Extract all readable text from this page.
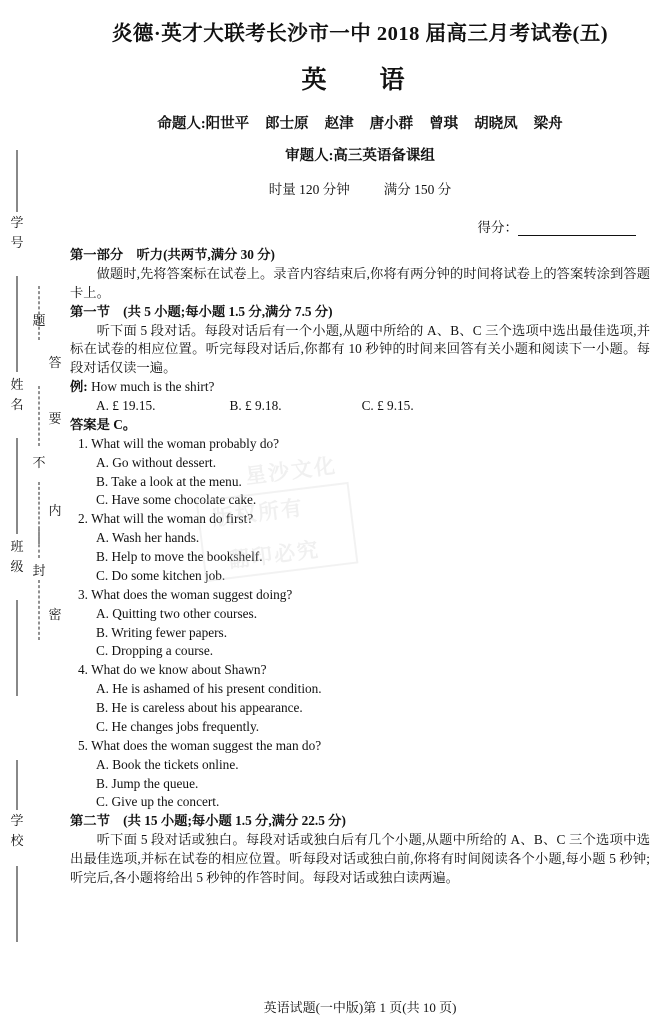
学　号
姓　名
班　级
学　校
题
不
封
答
要
内
密
炎德·英才大联考长沙市一中 2018 届高三月考试卷(五)
英　语
命题人:阳世平 郎士原 赵津 唐小群 曾琪 胡晓凤 梁舟
审题人:高三英语备课组
时量 120 分钟	满分 150 分
得分：

第一部分　听力(共两节,满分 30 分)

做题时,先将答案标在试卷上。录音内容结束后,你将有两分钟的时间将试卷上的答案转涂到答题卡上。

第一节　(共 5 小题;每小题 1.5 分,满分 7.5 分)

听下面 5 段对话。每段对话后有一个小题,从题中所给的 A、B、C 三个选项中选出最佳选项,并标在试卷的相应位置。听完每段对话后,你都有 10 秒钟的时间来回答有关小题和阅读下一小题。每段对话仅读一遍。

例: How much is the shirt?

A. £ 19.15.	B. £ 9.18.	C. £ 9.15.

答案是 C。

1. What will the woman probably do?

A. Go without dessert.

B. Take a look at the menu.

C. Have some chocolate cake.

2. What will the woman do first?

A. Wash her hands.

B. Help to move the bookshelf.

C. Do some kitchen job.

3. What does the woman suggest doing?

A. Quitting two other courses.

B. Writing fewer papers.

C. Dropping a course.

4. What do we know about Shawn?

A. He is ashamed of his present condition.

B. He is careless about his appearance.

C. He changes jobs frequently.

5. What does the woman suggest the man do?

A. Book the tickets online.

B. Jump the queue.

C. Give up the concert.

第二节　(共 15 小题;每小题 1.5 分,满分 22.5 分)

听下面 5 段对话或独白。每段对话或独白后有几个小题,从题中所给的 A、B、C 三个选项中选出最佳选项,并标在试卷的相应位置。听每段对话或独白前,你将有时间阅读各个小题,每小题 5 秒钟;听完后,各小题将给出 5 秒钟的作答时间。每段对话或独白读两遍。

星沙文化
版权所有
翻印必究
英语试题(一中版)第 1 页(共 10 页)
